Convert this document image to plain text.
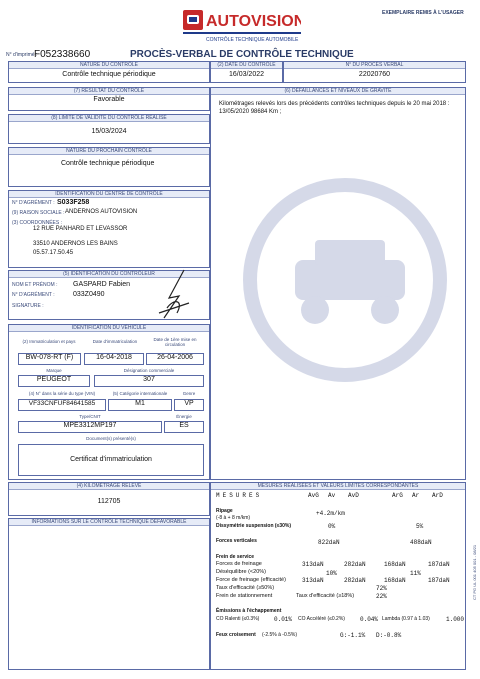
AUTOVISION
CONTRÔLE TECHNIQUE AUTOMOBILE
EXEMPLAIRE REMIS À L'USAGER
N° d'imprimé :
F052338660	PROCÈS-VERBAL DE CONTRÔLE TECHNIQUE
NATURE DU CONTRÔLE
Contrôle technique périodique
(2) DATE DU CONTRÔLE
16/03/2022
N° DU PROCÈS VERBAL
22020760
(7) RÉSULTAT DU CONTRÔLE
Favorable
(8) LIMITE DE VALIDITÉ DU CONTRÔLE RÉALISÉ
15/03/2024
NATURE DU PROCHAIN CONTRÔLE
Contrôle technique périodique
(6) DÉFAILLANCES ET NIVEAUX DE GRAVITÉ
Kilométrages relevés lors des précédents contrôles techniques depuis le 20 mai 2018 : 13/05/2020 98684 Km ;
IDENTIFICATION DU CENTRE DE CONTRÔLE
N° D'AGRÉMENT : S033F258
(9) RAISON SOCIALE : ANDERNOS AUTOVISION
(3) COORDONNÉES :
12 RUE PANHARD ET LEVASSOR
33510 ANDERNOS LES BAINS
05.57.17.50.45
(5) IDENTIFICATION DU CONTRÔLEUR
NOM ET PRÉNOM : GASPARD Fabien
N° D'AGRÉMENT :	033Z0490
SIGNATURE :
IDENTIFICATION DU VÉHICULE
(2) Immatriculation et pays	Date d'immatriculation	Date de 1ère mise en circulation
BW-078-RT (F)	16-04-2018	26-04-2006
Marque	Désignation commerciale
PEUGEOT	307
(4) N° dans la série du type (VIN)	(5) Catégorie internationale	Genre
VF33CNFUF84641585	M1	VP
Type/CNIT	Énergie
MPE3312MP197	ES
Document(s) présenté(s)
Certificat d'immatriculation
(4) KILOMÉTRAGE RELEVÉ
112705
INFORMATIONS SUR LE CONTRÔLE TECHNIQUE DÉFAVORABLE
MESURES RÉALISÉES ET VALEURS LIMITES CORRESPONDANTES
MESURES	AvG Av AvD	ArG Ar ArD
Ripage
(-8 à + 8 m/km)
+4.2m/km
Dissymétrie suspension (≤30%)	0%	5%
Forces verticales	822daN	488daN
Frein de service
Forces de freinage	313daN	282daN	168daN	187daN
Déséquilibre (<20%)	10%	11%
Force de freinage (efficacité)	313daN	282daN	168daN	187daN
Taux d'efficacité (≥50%)	72%
Frein de stationnement	Taux d'efficacité (≥18%)	22%
Émissions à l'échappement
CO Ralenti (≤0.3%) 0.01% CO Accéléré (≤0.2%)	0.04% Lambda (0.97 à 1.03)	1.000
Feux croisement (-2.5% à -0.5%)	G:-1.1% D:-0.8%
CT PG UL 001 405 001 - 08/21
